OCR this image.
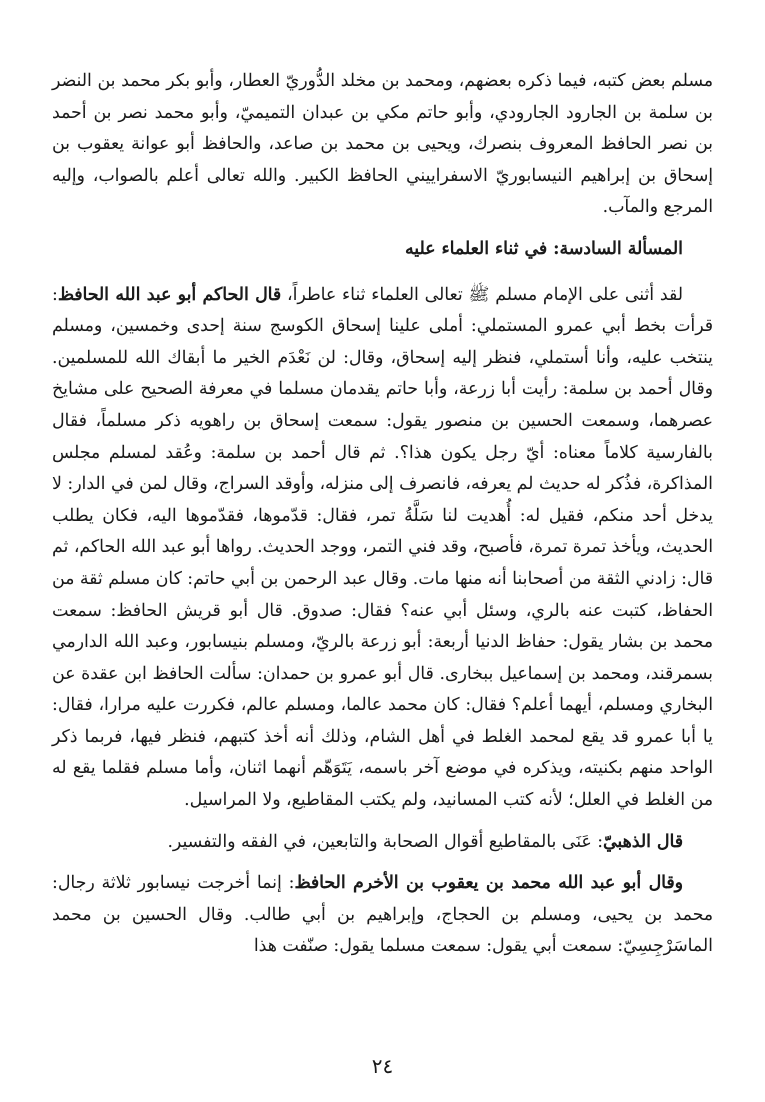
مسلم بعض كتبه، فيما ذكره بعضهم، ومحمد بن مخلد الدُّوريّ العطار، وأبو بكر محمد بن النضر بن سلمة بن الجارود الجارودي، وأبو حاتم مكي بن عبدان التميميّ، وأبو محمد نصر بن أحمد بن نصر الحافظ المعروف بنصرك، ويحيى بن محمد بن صاعد، والحافظ أبو عوانة يعقوب بن إسحاق بن إبراهيم النيسابوريّ الاسفراييني الحافظ الكبير. والله تعالى أعلم بالصواب، وإليه المرجع والمآب.

المسألة السادسة: في ثناء العلماء عليه

لقد أثنى على الإمام مسلم ﷺ تعالى العلماء ثناء عاطراً، قال الحاكم أبو عبد الله الحافظ: قرأت بخط أبي عمرو المستملي: أملى علينا إسحاق الكوسج سنة إحدى وخمسين، ومسلم ينتخب عليه، وأنا أستملي، فنظر إليه إسحاق، وقال: لن نَعْدَم الخير ما أبقاك الله للمسلمين. وقال أحمد بن سلمة: رأيت أبا زرعة، وأبا حاتم يقدمان مسلما في معرفة الصحيح على مشايخ عصرهما، وسمعت الحسين بن منصور يقول: سمعت إسحاق بن راهويه ذكر مسلماً، فقال بالفارسية كلاماً معناه: أيّ رجل يكون هذا؟. ثم قال أحمد بن سلمة: وعُقد لمسلم مجلس المذاكرة، فذُكر له حديث لم يعرفه، فانصرف إلى منزله، وأوقد السراج، وقال لمن في الدار: لا يدخل أحد منكم، فقيل له: أُهديت لنا سَلَّةُ تمر، فقال: قدّموها، فقدّموها اليه، فكان يطلب الحديث، ويأخذ تمرة تمرة، فأصبح، وقد فني التمر، ووجد الحديث. رواها أبو عبد الله الحاكم، ثم قال: زادني الثقة من أصحابنا أنه منها مات. وقال عبد الرحمن بن أبي حاتم: كان مسلم ثقة من الحفاظ، كتبت عنه بالري، وسئل أبي عنه؟ فقال: صدوق. قال أبو قريش الحافظ: سمعت محمد بن بشار يقول: حفاظ الدنيا أربعة: أبو زرعة بالريّ، ومسلم بنيسابور، وعبد الله الدارمي بسمرقند، ومحمد بن إسماعيل ببخارى. قال أبو عمرو بن حمدان: سألت الحافظ ابن عقدة عن البخاري ومسلم، أيهما أعلم؟ فقال: كان محمد عالما، ومسلم عالم، فكررت عليه مرارا، فقال: يا أبا عمرو قد يقع لمحمد الغلط في أهل الشام، وذلك أنه أخذ كتبهم، فنظر فيها، فربما ذكر الواحد منهم بكنيته، ويذكره في موضع آخر باسمه، يَتَوَهّم أنهما اثنان، وأما مسلم فقلما يقع له من الغلط في العلل؛ لأنه كتب المسانيد، ولم يكتب المقاطيع، ولا المراسيل.

قال الذهبيّ: عَنَى بالمقاطيع أقوال الصحابة والتابعين، في الفقه والتفسير.

وقال أبو عبد الله محمد بن يعقوب بن الأخرم الحافظ: إنما أخرجت نيسابور ثلاثة رجال: محمد بن يحيى، ومسلم بن الحجاج، وإبراهيم بن أبي طالب. وقال الحسين بن محمد الماسَرْجِسِيّ: سمعت أبي يقول: سمعت مسلما يقول: صنّفت هذا

٢٤
